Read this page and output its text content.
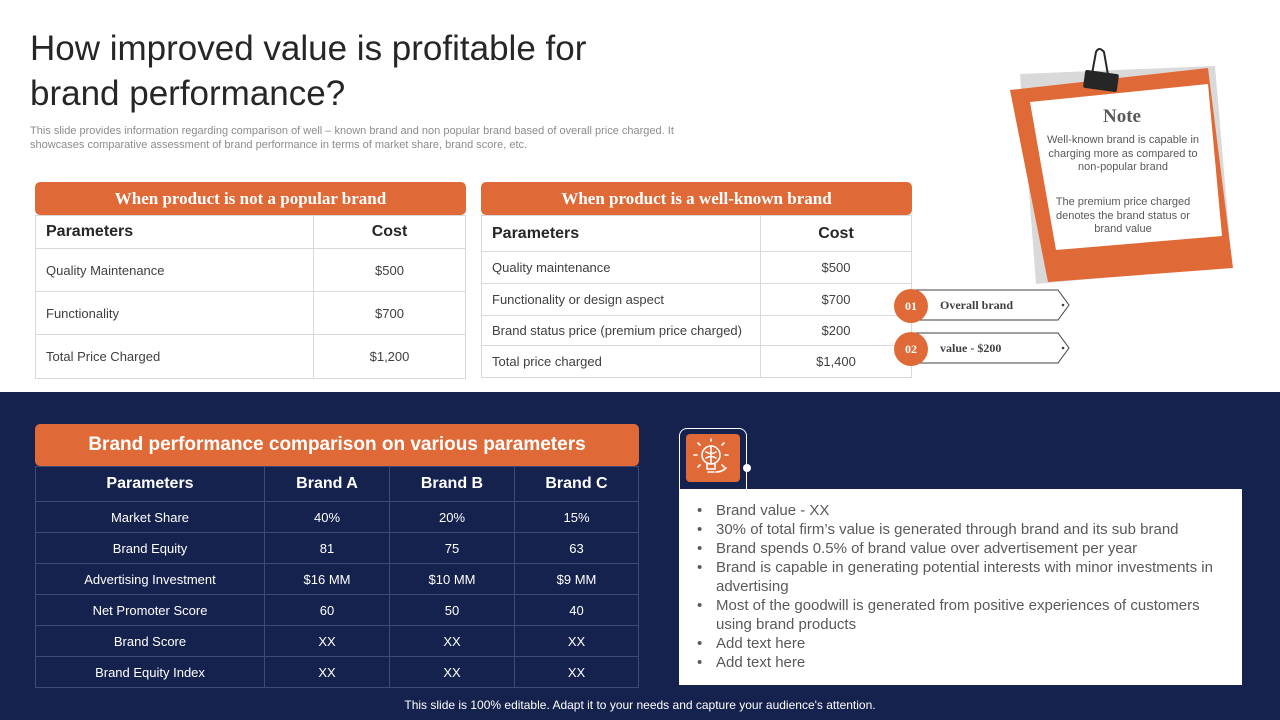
How improved value is profitable for brand performance?
This slide provides information regarding comparison of well – known brand and non popular brand based of overall price charged. It showcases comparative assessment of brand performance in terms of market share, brand score, etc.
When product is not a popular brand
Parameters	Cost
Quality Maintenance	$500
Functionality	$700
Total Price Charged	$1,200
When product is a well-known brand
Parameters	Cost
Quality maintenance	$500
Functionality or design aspect	$700
Brand status price (premium price charged)	$200
Total price charged	$1,400
01	Overall brand
02	value - $200
Note
Well-known brand is capable in charging more as compared to non-popular brand
The premium price charged denotes the brand status or brand value
Brand performance comparison on various parameters
Parameters	Brand A	Brand B	Brand C
Market Share	40%	20%	15%
Brand Equity	81	75	63
Advertising Investment	$16 MM	$10 MM	$9 MM
Net Promoter Score	60	50	40
Brand Score	XX	XX	XX
Brand Equity Index	XX	XX	XX
• Brand value - XX
• 30% of total firm’s value is generated through brand and its sub brand
• Brand spends 0.5% of brand value over advertisement per year
• Brand is capable in generating potential interests with minor investments in advertising
• Most of the goodwill is generated from positive experiences of customers using brand products
• Add text here
• Add text here
This slide is 100% editable. Adapt it to your needs and capture your audience's attention.
